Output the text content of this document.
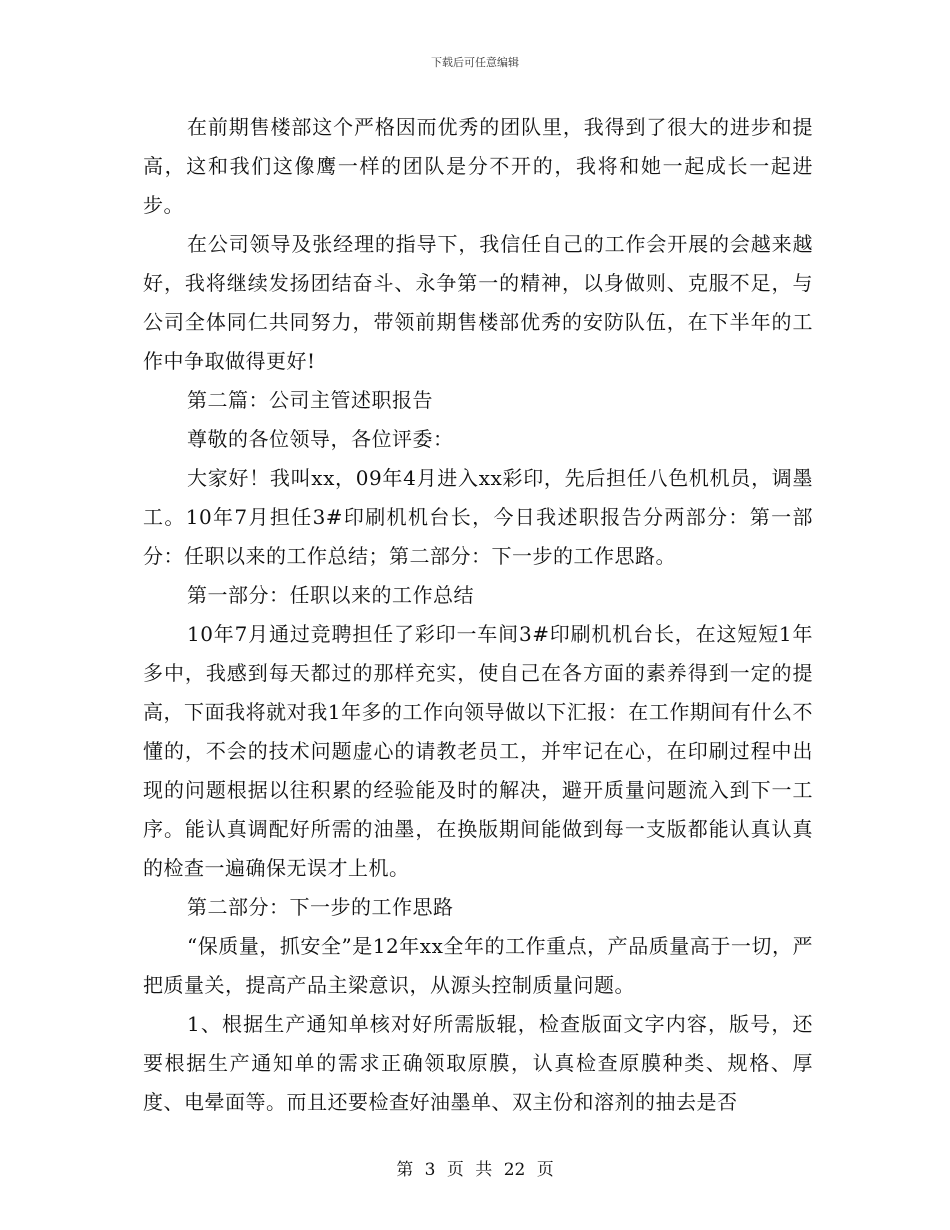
下载后可任意编辑

在前期售楼部这个严格因而优秀的团队里，我得到了很大的进步和提高，这和我们这像鹰一样的团队是分不开的，我将和她一起成长一起进步。

在公司领导及张经理的指导下，我信任自己的工作会开展的会越来越好，我将继续发扬团结奋斗、永争第一的精神，以身做则、克服不足，与公司全体同仁共同努力，带领前期售楼部优秀的安防队伍，在下半年的工作中争取做得更好!

第二篇：公司主管述职报告

尊敬的各位领导，各位评委：

大家好！我叫xx，09年4月进入xx彩印，先后担任八色机机员，调墨工。10年7月担任3#印刷机机台长，今日我述职报告分两部分：第一部分：任职以来的工作总结；第二部分：下一步的工作思路。

第一部分：任职以来的工作总结

10年7月通过竞聘担任了彩印一车间3#印刷机机台长，在这短短1年多中，我感到每天都过的那样充实，使自己在各方面的素养得到一定的提高，下面我将就对我1年多的工作向领导做以下汇报：在工作期间有什么不懂的，不会的技术问题虚心的请教老员工，并牢记在心，在印刷过程中出现的问题根据以往积累的经验能及时的解决，避开质量问题流入到下一工序。能认真调配好所需的油墨，在换版期间能做到每一支版都能认真认真的检查一遍确保无误才上机。

第二部分：下一步的工作思路

“保质量，抓安全”是12年xx全年的工作重点，产品质量高于一切，严把质量关，提高产品主梁意识，从源头控制质量问题。

1、根据生产通知单核对好所需版辊，检查版面文字内容，版号，还要根据生产通知单的需求正确领取原膜，认真检查原膜种类、规格、厚度、电晕面等。而且还要检查好油墨单、双主份和溶剂的抽去是否

第 3 页 共 22 页
